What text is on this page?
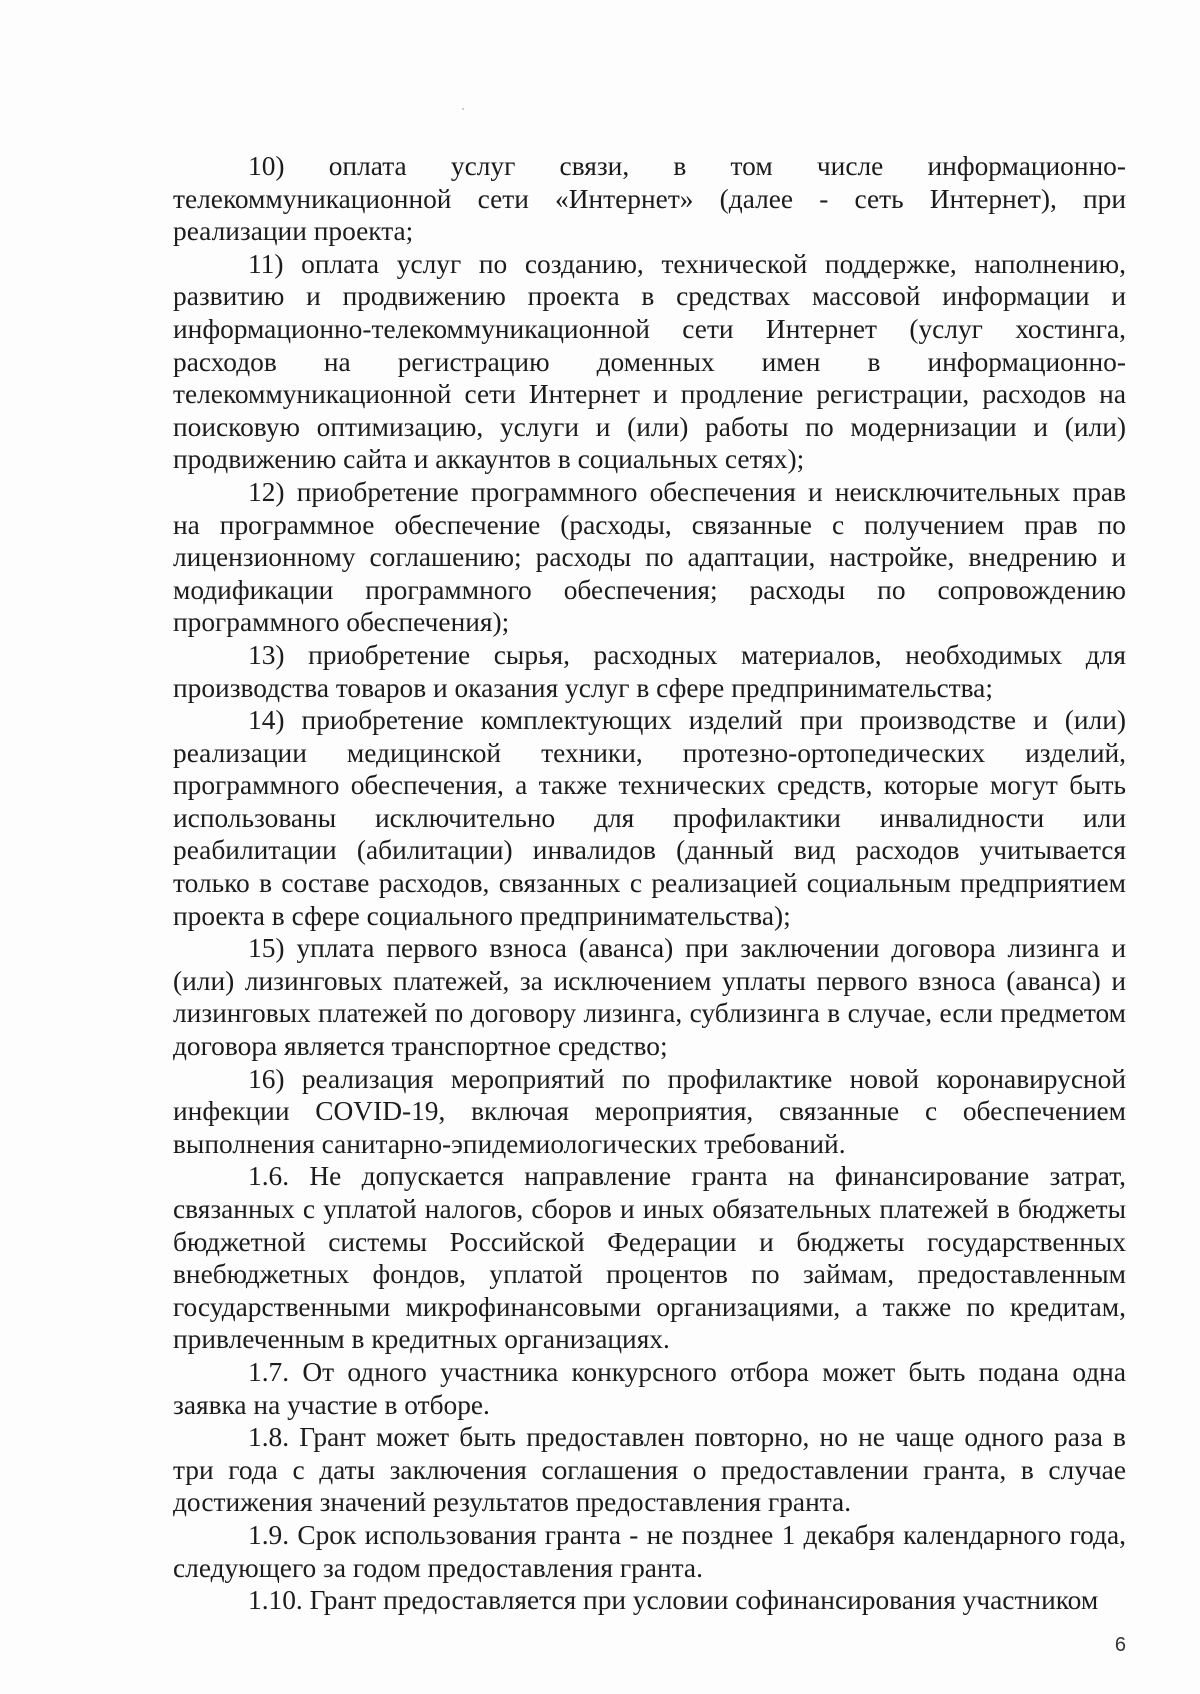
10) оплата услуг связи, в том числе информационно-телекоммуникационной сети «Интернет» (далее - сеть Интернет), при реализации проекта;

11) оплата услуг по созданию, технической поддержке, наполнению, развитию и продвижению проекта в средствах массовой информации и информационно-телекоммуникационной сети Интернет (услуг хостинга, расходов на регистрацию доменных имен в информационно-телекоммуникационной сети Интернет и продление регистрации, расходов на поисковую оптимизацию, услуги и (или) работы по модернизации и (или) продвижению сайта и аккаунтов в социальных сетях);

12) приобретение программного обеспечения и неисключительных прав на программное обеспечение (расходы, связанные с получением прав по лицензионному соглашению; расходы по адаптации, настройке, внедрению и модификации программного обеспечения; расходы по сопровождению программного обеспечения);

13) приобретение сырья, расходных материалов, необходимых для производства товаров и оказания услуг в сфере предпринимательства;

14) приобретение комплектующих изделий при производстве и (или) реализации медицинской техники, протезно-ортопедических изделий, программного обеспечения, а также технических средств, которые могут быть использованы исключительно для профилактики инвалидности или реабилитации (абилитации) инвалидов (данный вид расходов учитывается только в составе расходов, связанных с реализацией социальным предприятием проекта в сфере социального предпринимательства);

15) уплата первого взноса (аванса) при заключении договора лизинга и (или) лизинговых платежей, за исключением уплаты первого взноса (аванса) и лизинговых платежей по договору лизинга, сублизинга в случае, если предметом договора является транспортное средство;

16) реализация мероприятий по профилактике новой коронавирусной инфекции COVID-19, включая мероприятия, связанные с обеспечением выполнения санитарно-эпидемиологических требований.

1.6. Не допускается направление гранта на финансирование затрат, связанных с уплатой налогов, сборов и иных обязательных платежей в бюджеты бюджетной системы Российской Федерации и бюджеты государственных внебюджетных фондов, уплатой процентов по займам, предоставленным государственными микрофинансовыми организациями, а также по кредитам, привлеченным в кредитных организациях.

1.7. От одного участника конкурсного отбора может быть подана одна заявка на участие в отборе.

1.8. Грант может быть предоставлен повторно, но не чаще одного раза в три года с даты заключения соглашения о предоставлении гранта, в случае достижения значений результатов предоставления гранта.

1.9. Срок использования гранта - не позднее 1 декабря календарного года, следующего за годом предоставления гранта.

1.10. Грант предоставляется при условии софинансирования участником

6
